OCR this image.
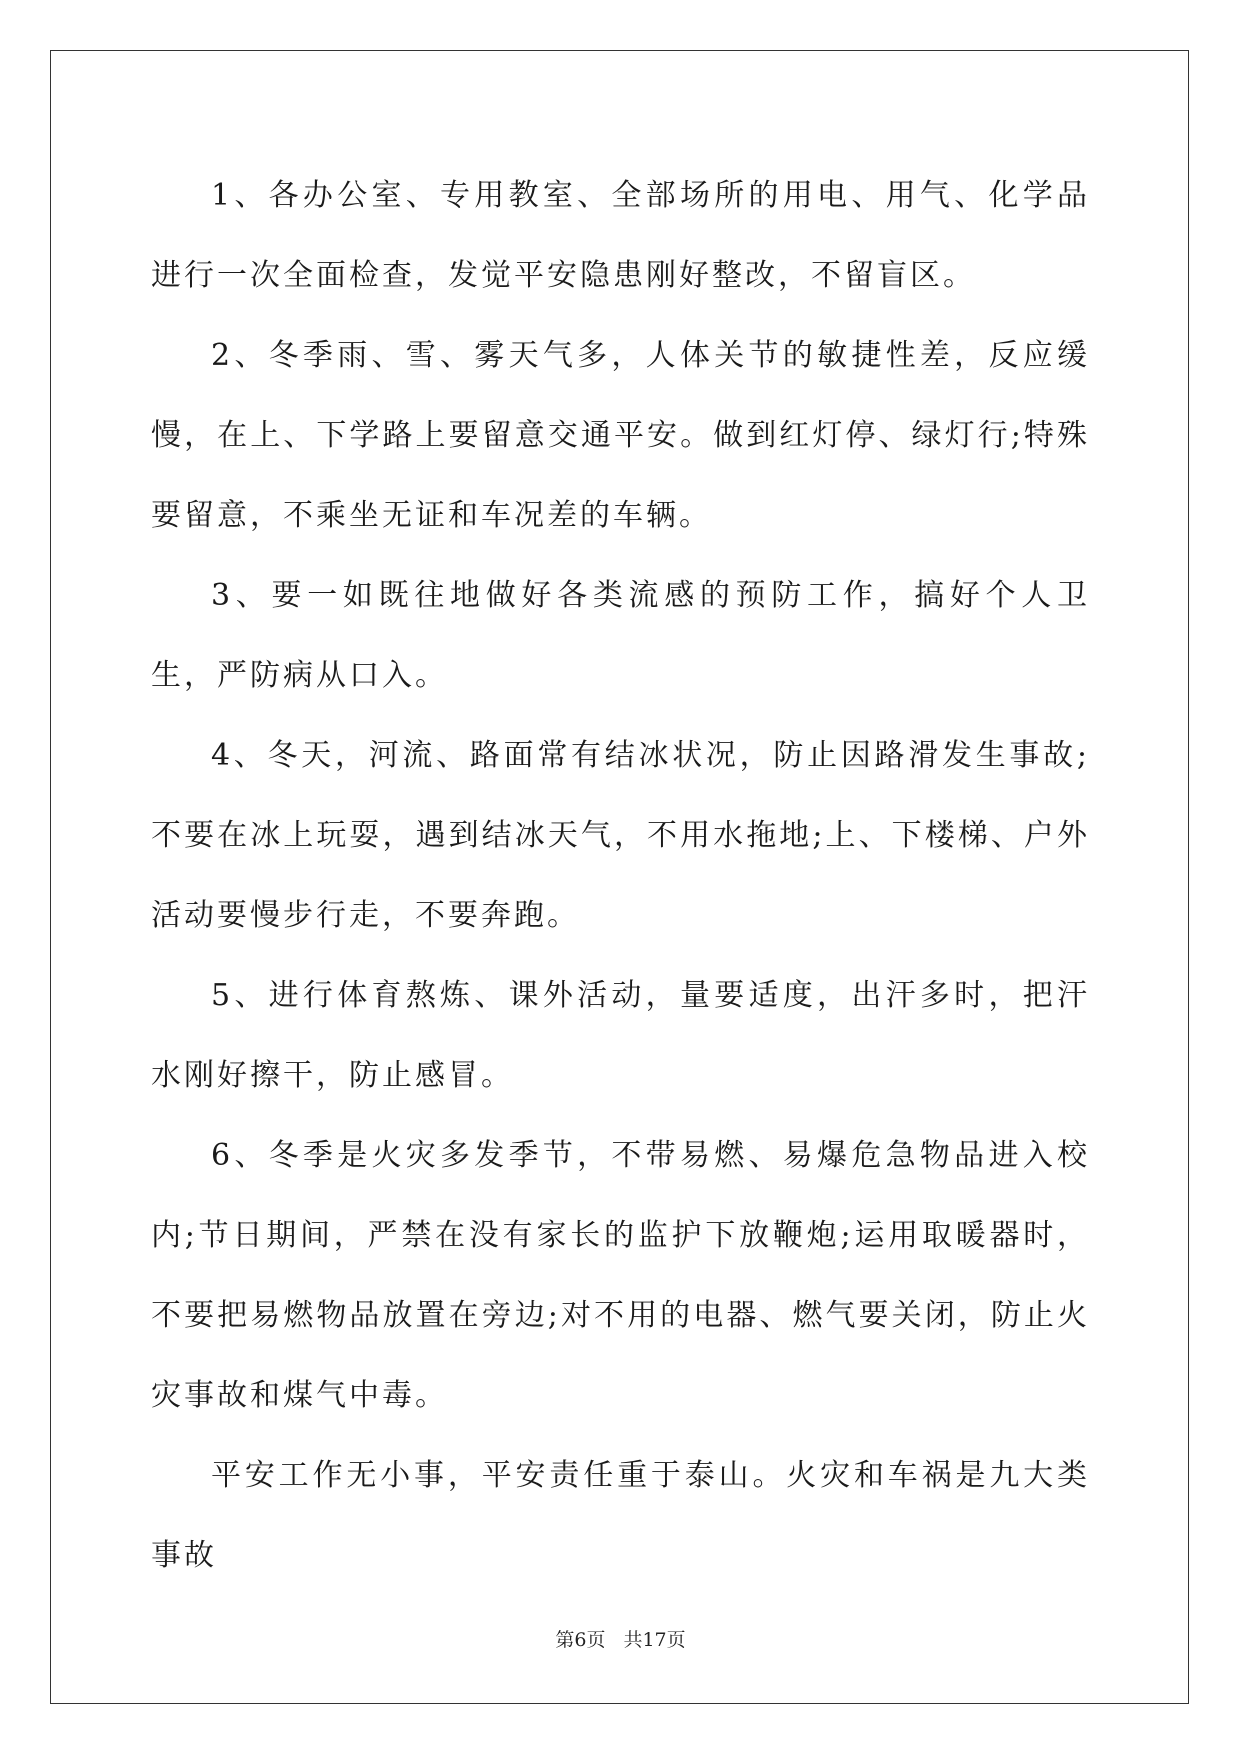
1、各办公室、专用教室、全部场所的用电、用气、化学品进行一次全面检查，发觉平安隐患刚好整改，不留盲区。

2、冬季雨、雪、雾天气多，人体关节的敏捷性差，反应缓慢，在上、下学路上要留意交通平安。做到红灯停、绿灯行;特殊要留意，不乘坐无证和车况差的车辆。

3、要一如既往地做好各类流感的预防工作，搞好个人卫生，严防病从口入。

4、冬天，河流、路面常有结冰状况，防止因路滑发生事故;不要在冰上玩耍，遇到结冰天气，不用水拖地;上、下楼梯、户外活动要慢步行走，不要奔跑。

5、进行体育熬炼、课外活动，量要适度，出汗多时，把汗水刚好擦干，防止感冒。

6、冬季是火灾多发季节，不带易燃、易爆危急物品进入校内;节日期间，严禁在没有家长的监护下放鞭炮;运用取暖器时，不要把易燃物品放置在旁边;对不用的电器、燃气要关闭，防止火灾事故和煤气中毒。

平安工作无小事，平安责任重于泰山。火灾和车祸是九大类事故

第6页 共17页
